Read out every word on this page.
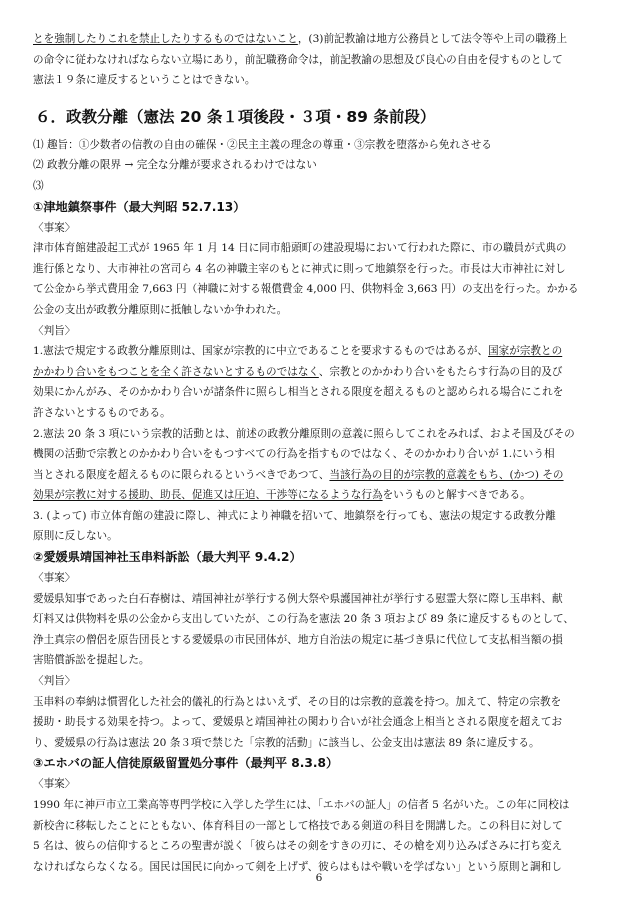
とを強制したりこれを禁止したりするものではないこと，(3)前記教諭は地方公務員として法令等や上司の職務上
の命令に従わなければならない立場にあり，前記職務命令は，前記教諭の思想及び良心の自由を侵すものとして
憲法１９条に違反するということはできない。
６．政教分離（憲法 20 条１項後段・３項・89 条前段）
⑴ 趣旨：①少数者の信教の自由の確保・②民主主義の理念の尊重・③宗教を堕落から免れさせる
⑵ 政教分離の限界 → 完全な分離が要求されるわけではない
⑶
①津地鎮祭事件（最大判昭 52.7.13）
〈事案〉
津市体育館建設起工式が 1965 年 1 月 14 日に同市船頭町の建設現場において行われた際に、市の職員が式典の
進行係となり、大市神社の宮司ら 4 名の神職主宰のもとに神式に則って地鎮祭を行った。市長は大市神社に対し
て公金から挙式費用金 7,663 円（神職に対する報償費金 4,000 円、供物料金 3,663 円）の支出を行った。かかる
公金の支出が政教分離原則に抵触しないか争われた。
〈判旨〉
1.憲法で規定する政教分離原則は、国家が宗教的に中立であることを要求するものではあるが、国家が宗教との
かかわり合いをもつことを全く許さないとするものではなく、宗教とのかかわり合いをもたらす行為の目的及び
効果にかんがみ、そのかかわり合いが諸条件に照らし相当とされる限度を超えるものと認められる場合にこれを
許さないとするものである。
2.憲法 20 条 3 項にいう宗教的活動とは、前述の政教分離原則の意義に照らしてこれをみれば、およそ国及びその
機関の活動で宗教とのかかわり合いをもつすべての行為を指すものではなく、そのかかわり合いが 1.にいう相
当とされる限度を超えるものに限られるというべきであつて、当該行為の目的が宗教的意義をもち、(かつ) その
効果が宗教に対する援助、助長、促進又は圧迫、干渉等になるような行為をいうものと解すべきである。
3. (よって) 市立体育館の建設に際し、神式により神職を招いて、地鎮祭を行っても、憲法の規定する政教分離
原則に反しない。
②愛媛県靖国神社玉串料訴訟（最大判平 9.4.2）
〈事案〉
愛媛県知事であった白石春樹は、靖国神社が挙行する例大祭や県護国神社が挙行する慰霊大祭に際し玉串料、献
灯料又は供物料を県の公金から支出していたが、この行為を憲法 20 条 3 項および 89 条に違反するものとして、
浄土真宗の僧侶を原告団長とする愛媛県の市民団体が、地方自治法の規定に基づき県に代位して支払相当額の損
害賠償訴訟を提起した。
〈判旨〉
玉串料の奉納は慣習化した社会的儀礼的行為とはいえず、その目的は宗教的意義を持つ。加えて、特定の宗教を
援助・助長する効果を持つ。よって、愛媛県と靖国神社の関わり合いが社会通念上相当とされる限度を超えてお
り、愛媛県の行為は憲法 20 条３項で禁じた「宗教的活動」に該当し、公金支出は憲法 89 条に違反する。
③エホバの証人信徒原級留置処分事件（最判平 8.3.8）
〈事案〉
1990 年に神戸市立工業高等専門学校に入学した学生には、「エホバの証人」の信者 5 名がいた。この年に同校は
新校舎に移転したことにともない、体育科目の一部として格技である剣道の科目を開講した。この科目に対して
5 名は、彼らの信仰するところの聖書が説く「彼らはその剣をすきの刃に、その槍を刈り込みばさみに打ち変え
なければならなくなる。国民は国民に向かって剣を上げず、彼らはもはや戦いを学ばない」という原則と調和し
6
